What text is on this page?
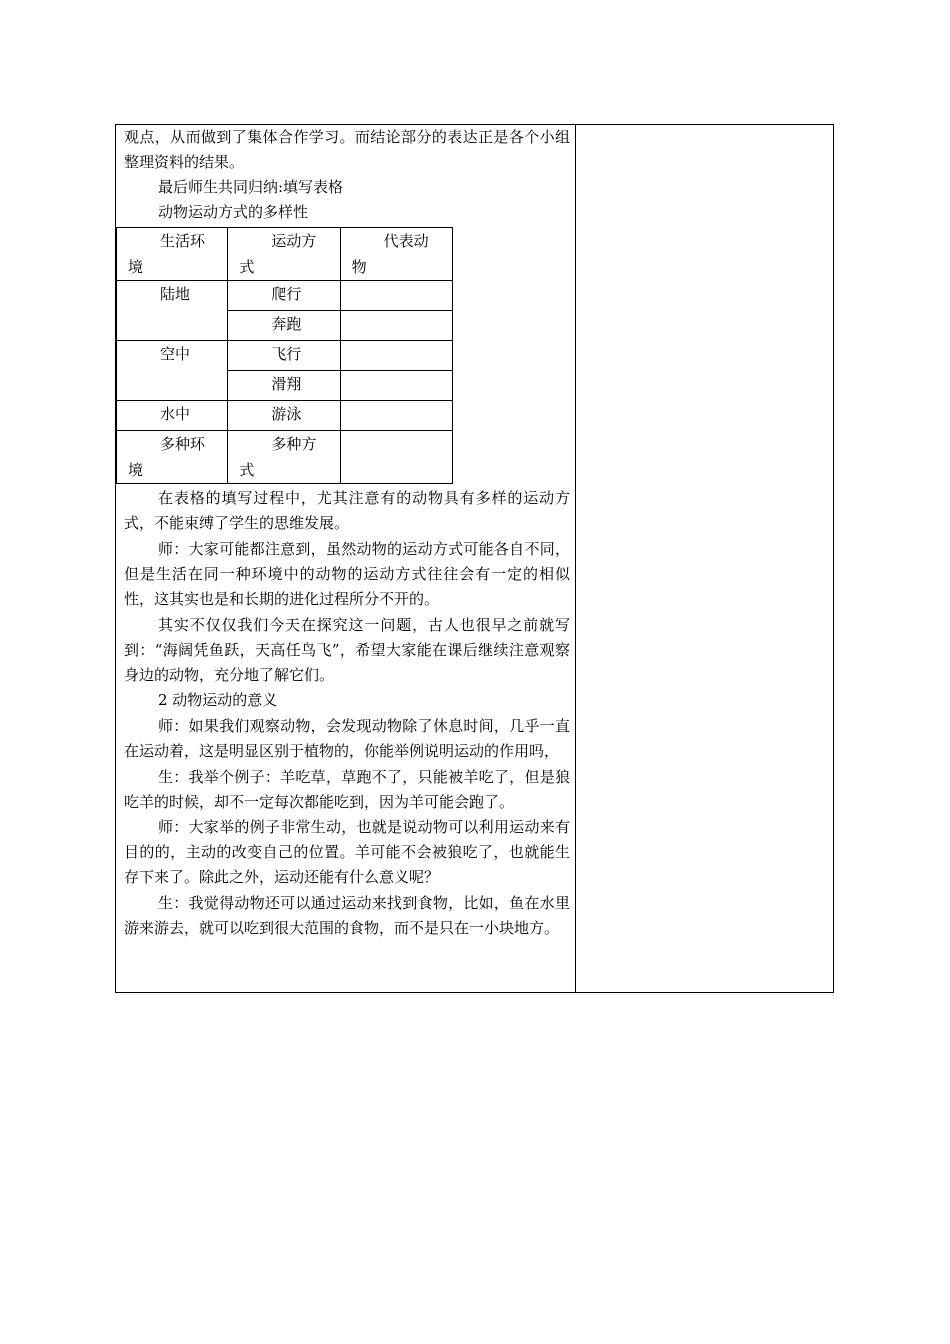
观点，从而做到了集体合作学习。而结论部分的表达正是各个小组整理资料的结果。

最后师生共同归纳:填写表格

动物运动方式的多样性

生活环境	运动方式	代表动物
陆地	爬行	
	奔跑	
空中	飞行	
	滑翔	
水中	游泳	
多种环境	多种方式	

在表格的填写过程中，尤其注意有的动物具有多样的运动方式，不能束缚了学生的思维发展。

师：大家可能都注意到，虽然动物的运动方式可能各自不同，但是生活在同一种环境中的动物的运动方式往往会有一定的相似性，这其实也是和长期的进化过程所分不开的。

其实不仅仅我们今天在探究这一问题，古人也很早之前就写到：“海阔凭鱼跃，天高任鸟飞”，希望大家能在课后继续注意观察身边的动物，充分地了解它们。

2 动物运动的意义

师：如果我们观察动物，会发现动物除了休息时间，几乎一直在运动着，这是明显区别于植物的，你能举例说明运动的作用吗，

生：我举个例子：羊吃草，草跑不了，只能被羊吃了，但是狼吃羊的时候，却不一定每次都能吃到，因为羊可能会跑了。

师：大家举的例子非常生动，也就是说动物可以利用运动来有目的的，主动的改变自己的位置。羊可能不会被狼吃了，也就能生存下来了。除此之外，运动还能有什么意义呢？

生：我觉得动物还可以通过运动来找到食物，比如，鱼在水里游来游去，就可以吃到很大范围的食物，而不是只在一小块地方。
